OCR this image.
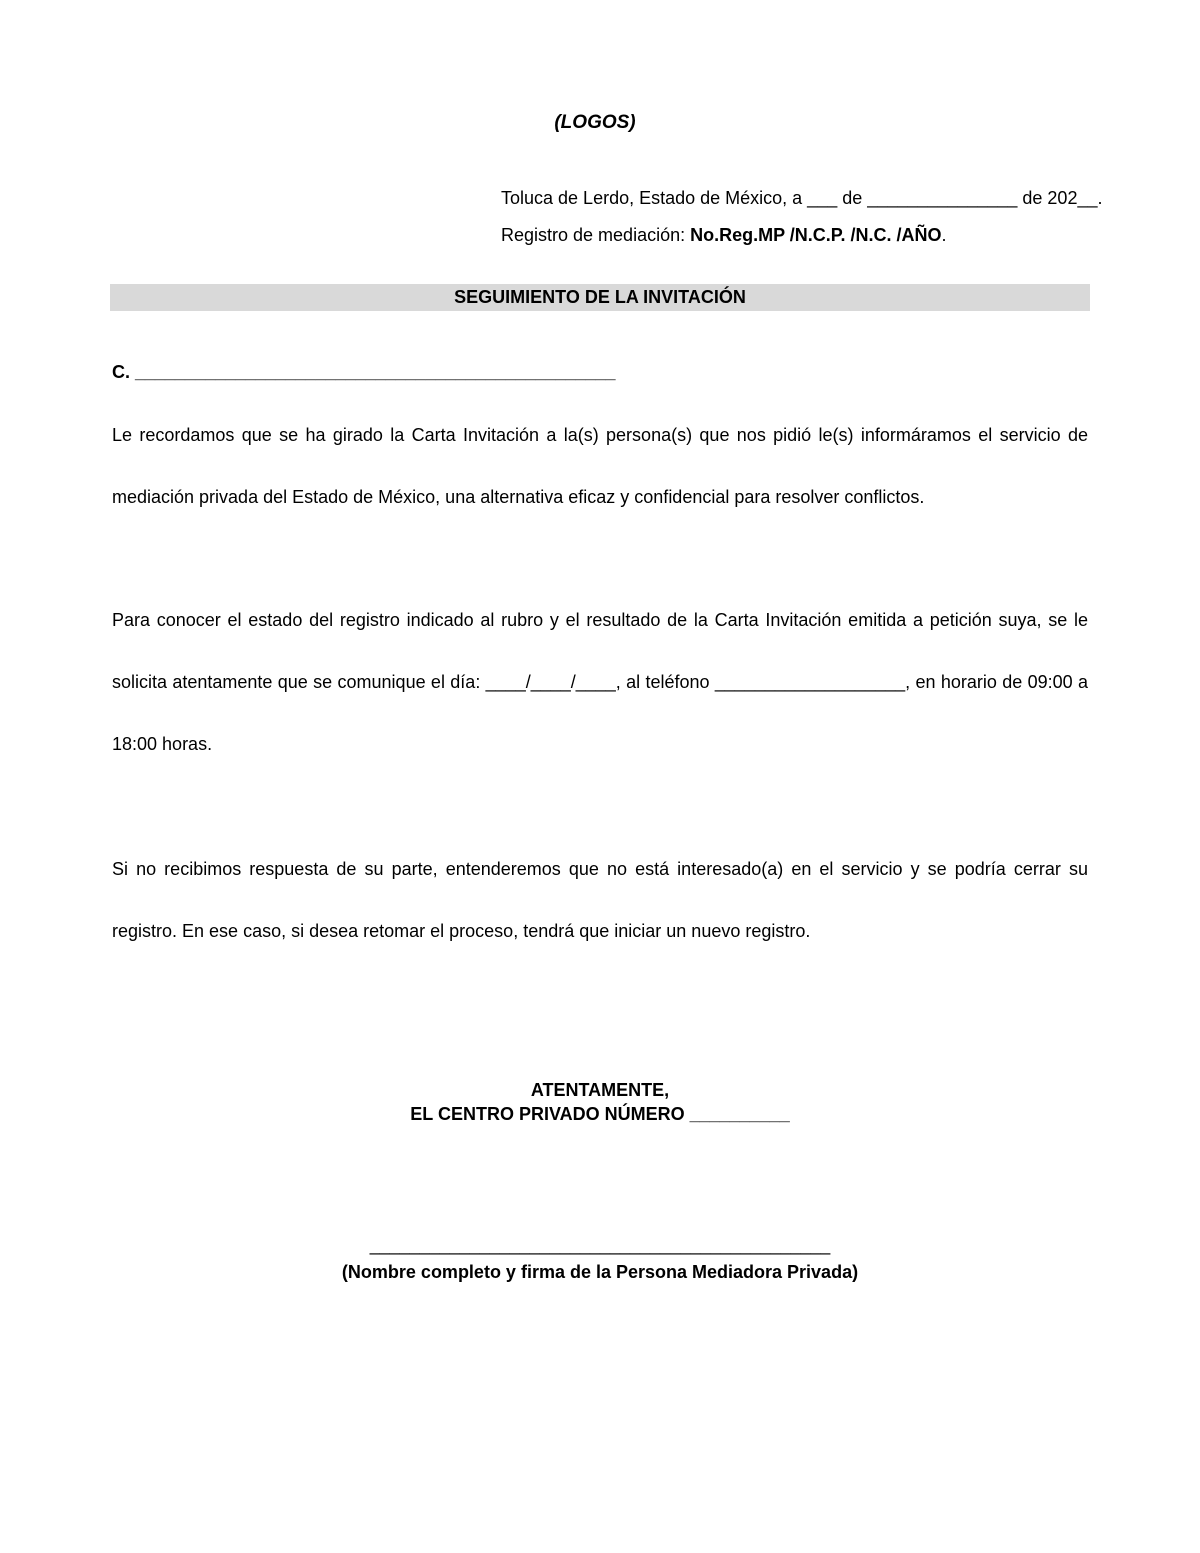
(LOGOS)
Toluca de Lerdo, Estado de México, a ___ de _______________ de 202__.
Registro de mediación: No.Reg.MP /N.C.P. /N.C. /AÑO.
SEGUIMIENTO DE LA INVITACIÓN
C. ________________________________________________
Le recordamos que se ha girado la Carta Invitación a la(s) persona(s) que nos pidió le(s) informáramos el servicio de mediación privada del Estado de México, una alternativa eficaz y confidencial para resolver conflictos.
Para conocer el estado del registro indicado al rubro y el resultado de la Carta Invitación emitida a petición suya, se le solicita atentamente que se comunique el día: ____/____/____, al teléfono ___________________, en horario de 09:00 a 18:00 horas.
Si no recibimos respuesta de su parte, entenderemos que no está interesado(a) en el servicio y se podría cerrar su registro. En ese caso, si desea retomar el proceso, tendrá que iniciar un nuevo registro.
ATENTAMENTE,
EL CENTRO PRIVADO NÚMERO __________
______________________________________________
(Nombre completo y firma de la Persona Mediadora Privada)
